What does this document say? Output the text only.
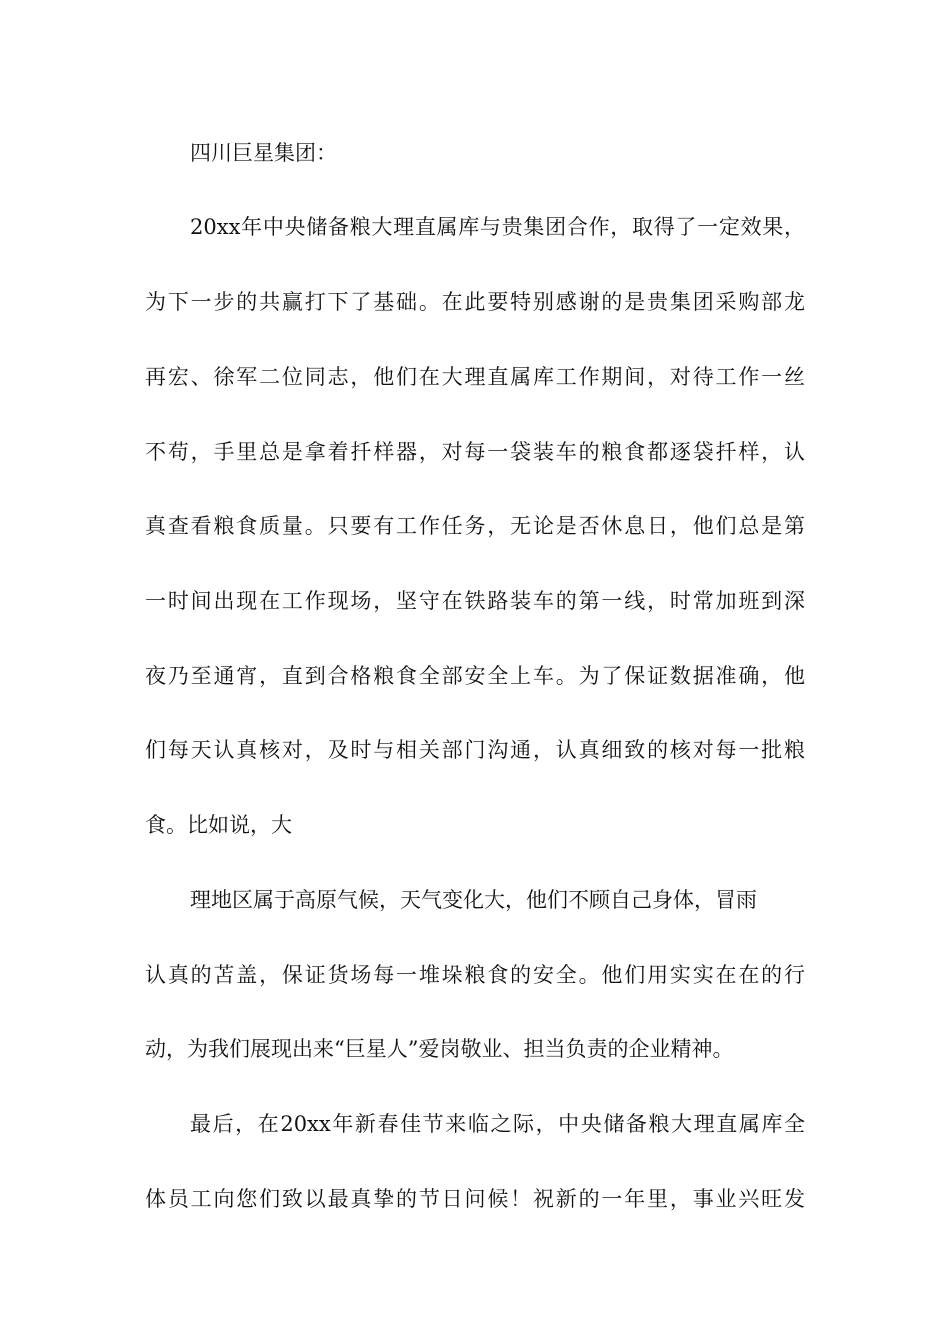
四川巨星集团：

20xx年中央储备粮大理直属库与贵集团合作，取得了一定效果，

为下一步的共赢打下了基础。在此要特别感谢的是贵集团采购部龙

再宏、徐军二位同志，他们在大理直属库工作期间，对待工作一丝

不苟，手里总是拿着扦样器，对每一袋装车的粮食都逐袋扦样，认

真查看粮食质量。只要有工作任务，无论是否休息日，他们总是第

一时间出现在工作现场，坚守在铁路装车的第一线，时常加班到深

夜乃至通宵，直到合格粮食全部安全上车。为了保证数据准确，他

们每天认真核对，及时与相关部门沟通，认真细致的核对每一批粮

食。比如说，大

理地区属于高原气候，天气变化大，他们不顾自己身体，冒雨

认真的苫盖，保证货场每一堆垛粮食的安全。他们用实实在在的行

动，为我们展现出来“巨星人”爱岗敬业、担当负责的企业精神。

最后，在20xx年新春佳节来临之际，中央储备粮大理直属库全

体员工向您们致以最真挚的节日问候！祝新的一年里，事业兴旺发
